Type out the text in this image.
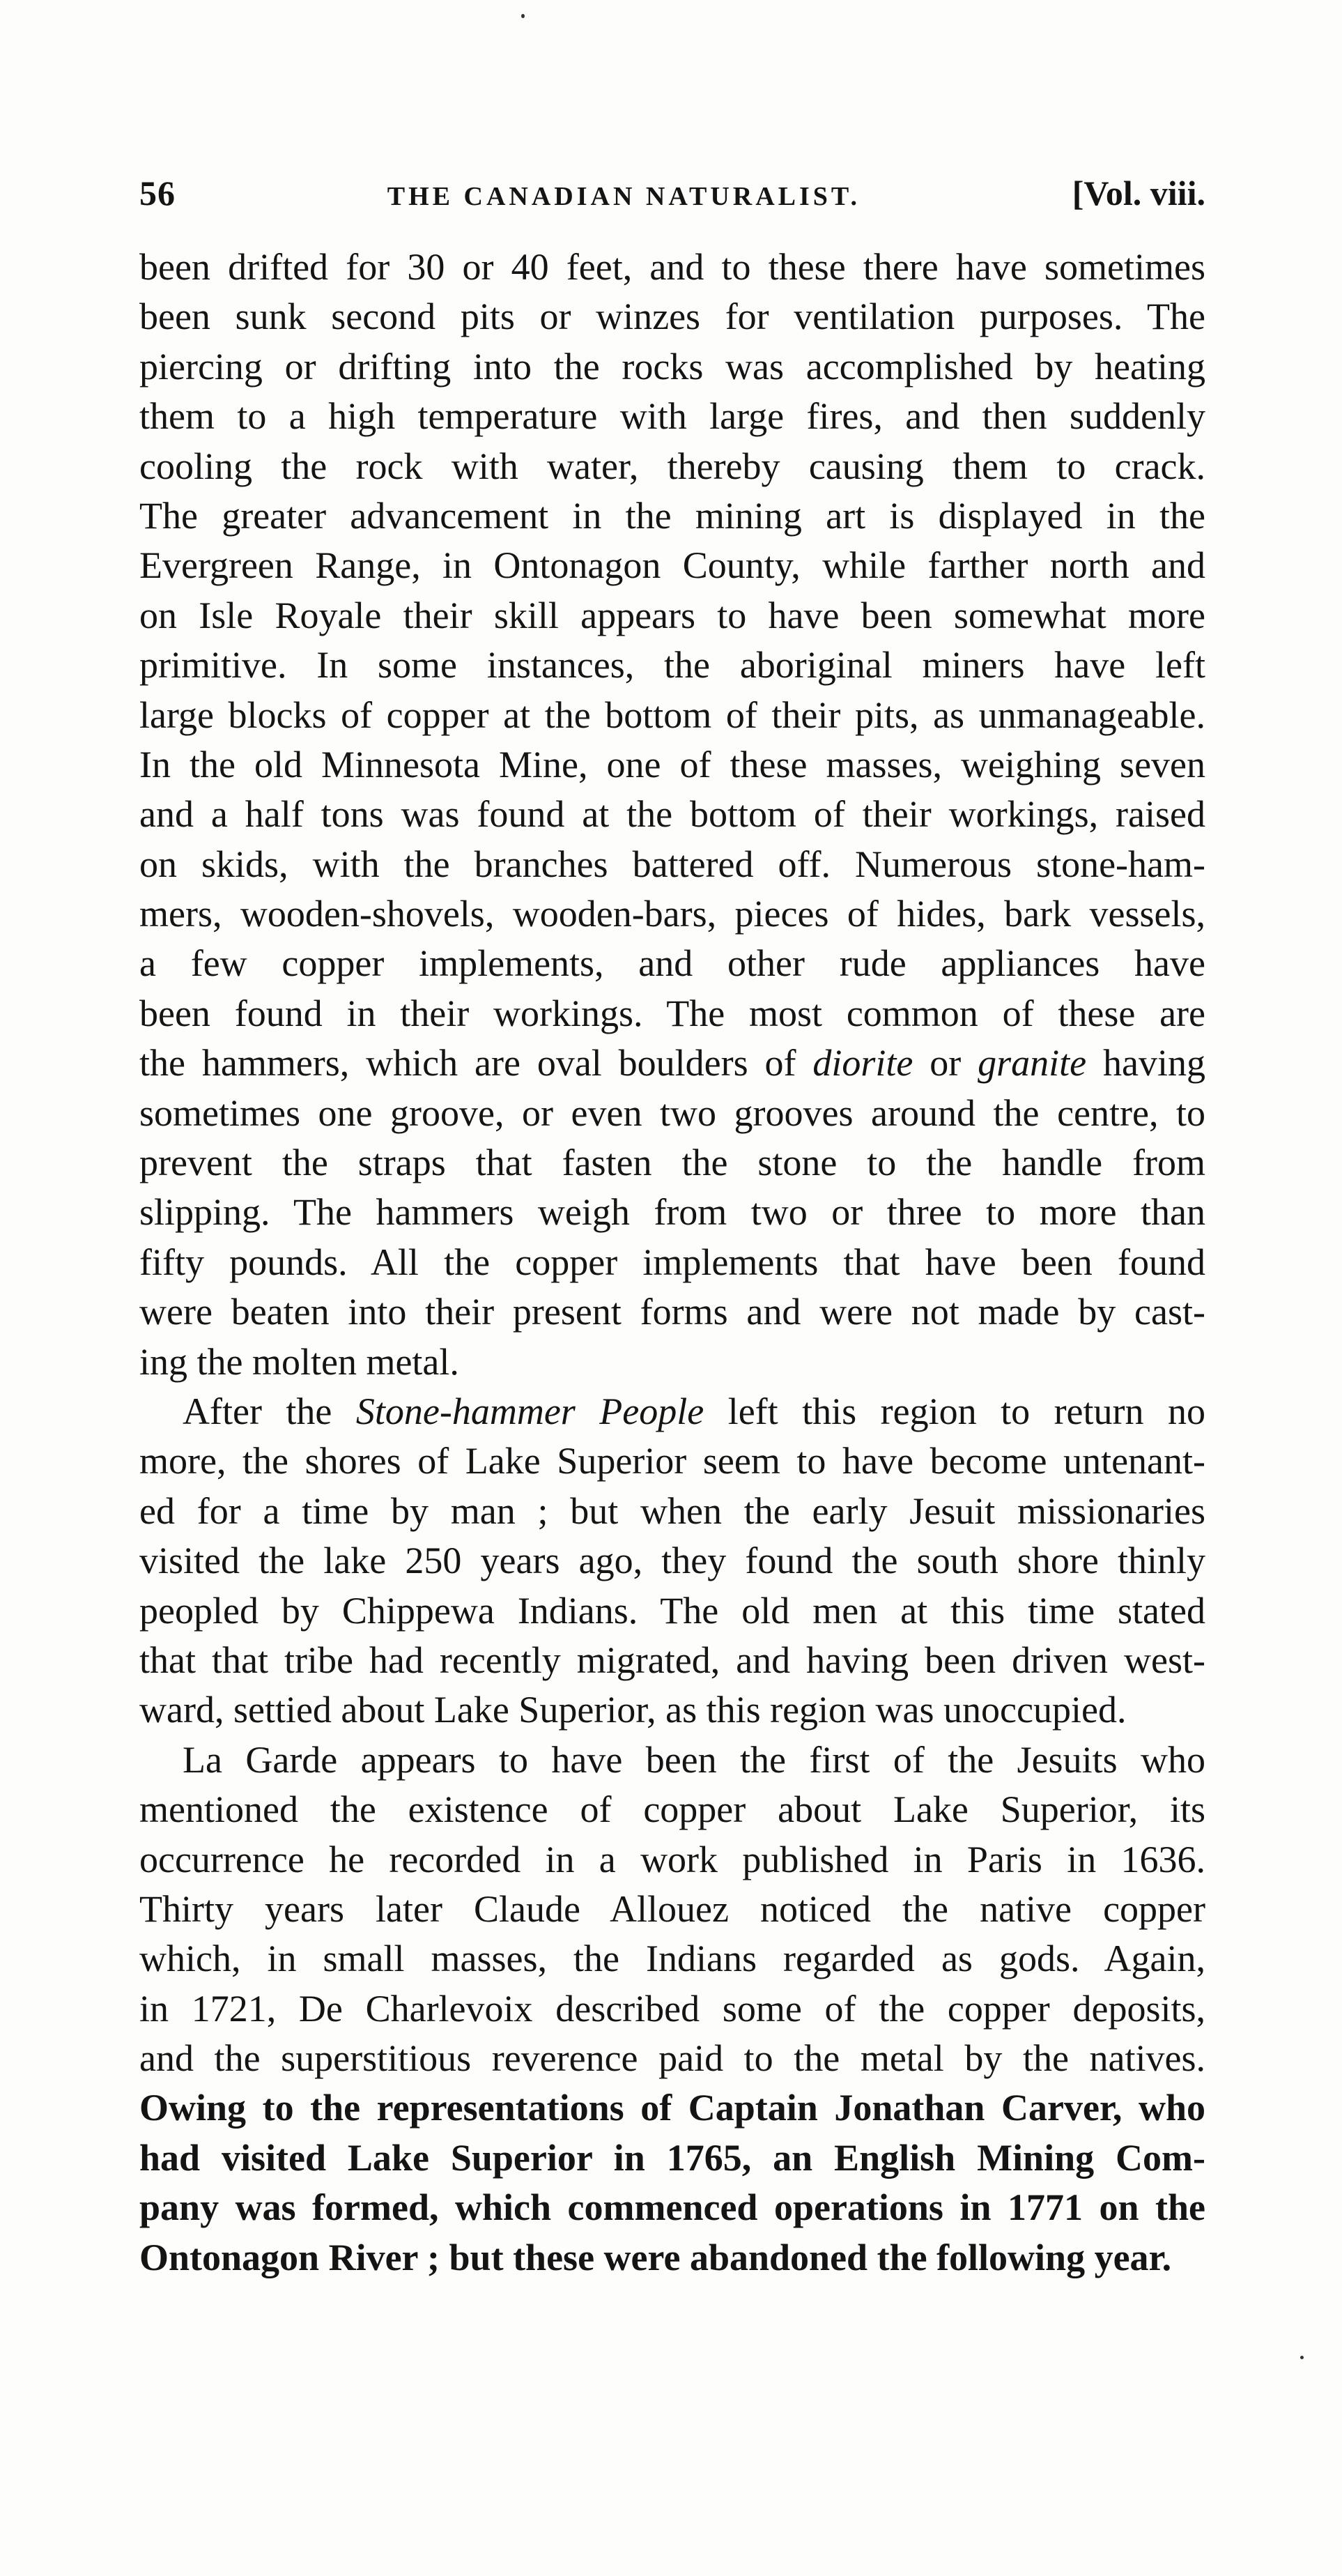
56	THE CANADIAN NATURALIST.	[Vol. viii.
been drifted for 30 or 40 feet, and to these there have sometimes
been sunk second pits or winzes for ventilation purposes. The
piercing or drifting into the rocks was accomplished by heating
them to a high temperature with large fires, and then suddenly
cooling the rock with water, thereby causing them to crack.
The greater advancement in the mining art is displayed in the
Evergreen Range, in Ontonagon County, while farther north and
on Isle Royale their skill appears to have been somewhat more
primitive. In some instances, the aboriginal miners have left
large blocks of copper at the bottom of their pits, as unmanageable.
In the old Minnesota Mine, one of these masses, weighing seven
and a half tons was found at the bottom of their workings, raised
on skids, with the branches battered off. Numerous stone-ham-
mers, wooden-shovels, wooden-bars, pieces of hides, bark vessels,
a few copper implements, and other rude appliances have
been found in their workings. The most common of these are
the hammers, which are oval boulders of diorite or granite having
sometimes one groove, or even two grooves around the centre, to
prevent the straps that fasten the stone to the handle from
slipping. The hammers weigh from two or three to more than
fifty pounds. All the copper implements that have been found
were beaten into their present forms and were not made by cast-
ing the molten metal.
After the Stone-hammer People left this region to return no
more, the shores of Lake Superior seem to have become untenant-
ed for a time by man ; but when the early Jesuit missionaries
visited the lake 250 years ago, they found the south shore thinly
peopled by Chippewa Indians. The old men at this time stated
that that tribe had recently migrated, and having been driven west-
ward, settied about Lake Superior, as this region was unoccupied.
La Garde appears to have been the first of the Jesuits who
mentioned the existence of copper about Lake Superior, its
occurrence he recorded in a work published in Paris in 1636.
Thirty years later Claude Allouez noticed the native copper
which, in small masses, the Indians regarded as gods. Again,
in 1721, De Charlevoix described some of the copper deposits,
and the superstitious reverence paid to the metal by the natives.
Owing to the representations of Captain Jonathan Carver, who
had visited Lake Superior in 1765, an English Mining Com-
pany was formed, which commenced operations in 1771 on the
Ontonagon River ; but these were abandoned the following year.
